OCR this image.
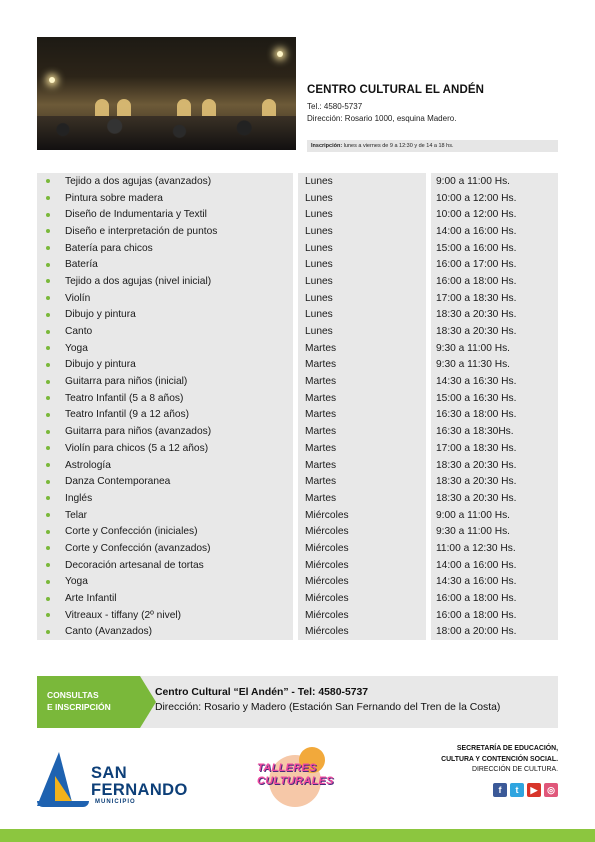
CENTRO CULTURAL EL ANDÉN
Tel.: 4580-5737
Dirección: Rosario 1000, esquina Madero.
Inscripción: lunes a viernes de 9 a 12:30 y de 14 a 18 hs.
Tejido a dos agujas (avanzados)	Lunes	9:00 a 11:00 Hs.
Pintura sobre madera	Lunes	10:00 a 12:00 Hs.
Diseño de Indumentaria y Textil	Lunes	10:00 a 12:00 Hs.
Diseño e interpretación de puntos	Lunes	14:00 a 16:00 Hs.
Batería para chicos	Lunes	15:00 a 16:00 Hs.
Batería	Lunes	16:00 a 17:00 Hs.
Tejido a dos agujas (nivel inicial)	Lunes	16:00 a 18:00 Hs.
Violín	Lunes	17:00 a 18:30 Hs.
Dibujo y pintura	Lunes	18:30 a 20:30 Hs.
Canto	Lunes	18:30 a 20:30 Hs.
Yoga	Martes	9:30 a 11:00 Hs.
Dibujo y pintura	Martes	9:30 a 11:30 Hs.
Guitarra para niños (inicial)	Martes	14:30 a 16:30 Hs.
Teatro Infantil (5 a 8 años)	Martes	15:00 a 16:30 Hs.
Teatro Infantil (9 a 12 años)	Martes	16:30 a 18:00 Hs.
Guitarra para niños (avanzados)	Martes	16:30 a 18:30Hs.
Violín para chicos (5 a 12 años)	Martes	17:00 a 18:30 Hs.
Astrología	Martes	18:30 a 20:30 Hs.
Danza Contemporanea	Martes	18:30 a 20:30 Hs.
Inglés	Martes	18:30 a 20:30 Hs.
Telar	Miércoles	9:00 a 11:00 Hs.
Corte y Confección (iniciales)	Miércoles	9:30 a 11:00 Hs.
Corte y Confección (avanzados)	Miércoles	11:00 a 12:30 Hs.
Decoración artesanal de tortas	Miércoles	14:00 a 16:00 Hs.
Yoga	Miércoles	14:30 a 16:00 Hs.
Arte Infantil	Miércoles	16:00 a 18:00 Hs.
Vitreaux - tiffany (2º nivel)	Miércoles	16:00 a 18:00 Hs.
Canto (Avanzados)	Miércoles	18:00 a 20:00 Hs.
CONSULTAS
E INSCRIPCIÓN
Centro Cultural “El Andén” - Tel: 4580-5737
Dirección: Rosario y Madero (Estación San Fernando del Tren de la Costa)
SAN
FERNANDO
MUNICIPIO
TALLERES
CULTURALES
SECRETARÍA DE EDUCACIÓN,
CULTURA Y CONTENCIÓN SOCIAL.
DIRECCIÓN DE CULTURA.
f	t	▶	◎
